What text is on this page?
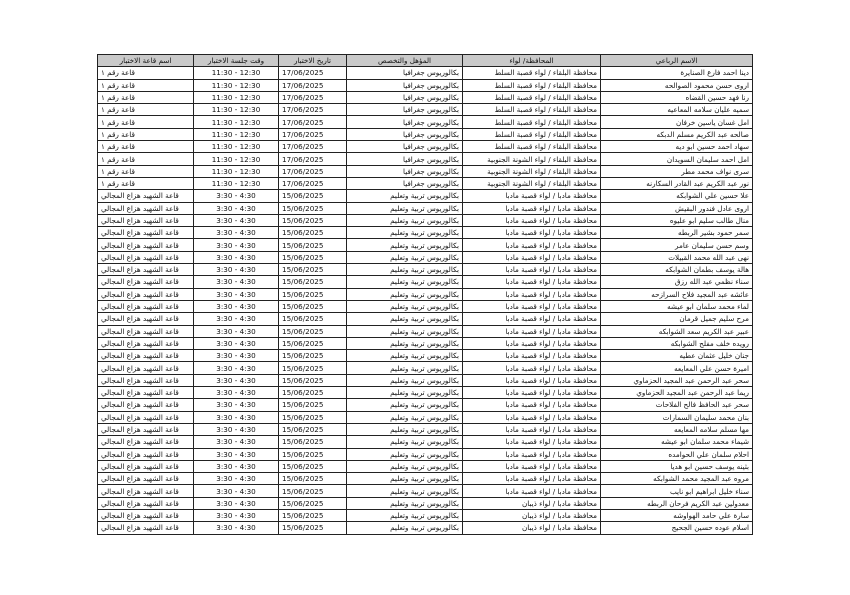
الاسم الرباعي	المحافظة/ لواء	المؤهل والتخصص	تاريخ الاختبار	وقت جلسة الاختبار	اسم قاعة الاختبار
دينا احمد فارع الصنايرة	محافظة البلقاء / لواء قصبة السلط	بكالوريوس جغرافيا	17/06/2025	11:30 - 12:30	قاعة رقم ١
اروى حسن محمود الصوالحه	محافظة البلقاء / لواء قصبة السلط	بكالوريوس جغرافيا	17/06/2025	11:30 - 12:30	قاعة رقم ١
رنا فهد حسين القضاه	محافظة البلقاء / لواء قصبة السلط	بكالوريوس جغرافيا	17/06/2025	11:30 - 12:30	قاعة رقم ١
سميه عليان سلامه المعاعيه	محافظة البلقاء / لواء قصبة السلط	بكالوريوس جغرافيا	17/06/2025	11:30 - 12:30	قاعة رقم ١
امل غسان ياسين خرفان	محافظة البلقاء / لواء قصبة السلط	بكالوريوس جغرافيا	17/06/2025	11:30 - 12:30	قاعة رقم ١
صالحه عبد الكريم مسلم الدبكه	محافظة البلقاء / لواء قصبة السلط	بكالوريوس جغرافيا	17/06/2025	11:30 - 12:30	قاعة رقم ١
سهاد احمد حسين ابو ديه	محافظة البلقاء / لواء قصبة السلط	بكالوريوس جغرافيا	17/06/2025	11:30 - 12:30	قاعة رقم ١
امل احمد سليمان السويدان	محافظة البلقاء / لواء الشونة الجنوبية	بكالوريوس جغرافيا	17/06/2025	11:30 - 12:30	قاعة رقم ١
سرى نواف محمد مطر	محافظة البلقاء / لواء الشونة الجنوبية	بكالوريوس جغرافيا	17/06/2025	11:30 - 12:30	قاعة رقم ١
نور عبد الكريم عبد القادر السكارنه	محافظة البلقاء / لواء الشونة الجنوبية	بكالوريوس جغرافيا	17/06/2025	11:30 - 12:30	قاعة رقم ١
علا حسين علي الشوابكه	محافظة مادبا / لواء قصبة مادبا	بكالوريوس تربية وتعليم	15/06/2025	3:30 - 4:30	قاعة الشهيد هزاع المجالي
اروى عادل فندور البقيش	محافظة مادبا / لواء قصبة مادبا	بكالوريوس تربية وتعليم	15/06/2025	3:30 - 4:30	قاعة الشهيد هزاع المجالي
منال طالب سليم ابو عليوه	محافظة مادبا / لواء قصبة مادبا	بكالوريوس تربية وتعليم	15/06/2025	3:30 - 4:30	قاعة الشهيد هزاع المجالي
سمر حمود بشير الربطه	محافظة مادبا / لواء قصبة مادبا	بكالوريوس تربية وتعليم	15/06/2025	3:30 - 4:30	قاعة الشهيد هزاع المجالي
وسم حسن سليمان عامر	محافظة مادبا / لواء قصبة مادبا	بكالوريوس تربية وتعليم	15/06/2025	3:30 - 4:30	قاعة الشهيد هزاع المجالي
نهى عبد الله محمد القبيلات	محافظة مادبا / لواء قصبة مادبا	بكالوريوس تربية وتعليم	15/06/2025	3:30 - 4:30	قاعة الشهيد هزاع المجالي
هالة يوسف بطمان الشوابكه	محافظة مادبا / لواء قصبة مادبا	بكالوريوس تربية وتعليم	15/06/2025	3:30 - 4:30	قاعة الشهيد هزاع المجالي
سناء نظمي عبد الله رزق	محافظة مادبا / لواء قصبة مادبا	بكالوريوس تربية وتعليم	15/06/2025	3:30 - 4:30	قاعة الشهيد هزاع المجالي
عائشه عبد المجيد فلاح السرازحه	محافظة مادبا / لواء قصبة مادبا	بكالوريوس تربية وتعليم	15/06/2025	3:30 - 4:30	قاعة الشهيد هزاع المجالي
لماء محمد سلمان ابو عيشه	محافظة مادبا / لواء قصبة مادبا	بكالوريوس تربية وتعليم	15/06/2025	3:30 - 4:30	قاعة الشهيد هزاع المجالي
مرح سليم جميل قرمان	محافظة مادبا / لواء قصبة مادبا	بكالوريوس تربية وتعليم	15/06/2025	3:30 - 4:30	قاعة الشهيد هزاع المجالي
عبير عبد الكريم سعد الشوابكه	محافظة مادبا / لواء قصبة مادبا	بكالوريوس تربية وتعليم	15/06/2025	3:30 - 4:30	قاعة الشهيد هزاع المجالي
رويده خلف مفلح الشوابكه	محافظة مادبا / لواء قصبة مادبا	بكالوريوس تربية وتعليم	15/06/2025	3:30 - 4:30	قاعة الشهيد هزاع المجالي
جنان خليل عثمان عطيه	محافظة مادبا / لواء قصبة مادبا	بكالوريوس تربية وتعليم	15/06/2025	3:30 - 4:30	قاعة الشهيد هزاع المجالي
اميرة حسن علي المعايعه	محافظة مادبا / لواء قصبة مادبا	بكالوريوس تربية وتعليم	15/06/2025	3:30 - 4:30	قاعة الشهيد هزاع المجالي
سحر عبد الرحمن عبد المجيد الحزماوي	محافظة مادبا / لواء قصبة مادبا	بكالوريوس تربية وتعليم	15/06/2025	3:30 - 4:30	قاعة الشهيد هزاع المجالي
ريما عبد الرحمن عبد المجيد الحزماوي	محافظة مادبا / لواء قصبة مادبا	بكالوريوس تربية وتعليم	15/06/2025	3:30 - 4:30	قاعة الشهيد هزاع المجالي
سحر عبد الحافظ فالح الفلاحات	محافظة مادبا / لواء قصبة مادبا	بكالوريوس تربية وتعليم	15/06/2025	3:30 - 4:30	قاعة الشهيد هزاع المجالي
بنان محمد سليمان السمارات	محافظة مادبا / لواء قصبة مادبا	بكالوريوس تربية وتعليم	15/06/2025	3:30 - 4:30	قاعة الشهيد هزاع المجالي
مها مسلم سلامه المعايعه	محافظة مادبا / لواء قصبة مادبا	بكالوريوس تربية وتعليم	15/06/2025	3:30 - 4:30	قاعة الشهيد هزاع المجالي
شيماء محمد سلمان ابو عيشه	محافظة مادبا / لواء قصبة مادبا	بكالوريوس تربية وتعليم	15/06/2025	3:30 - 4:30	قاعة الشهيد هزاع المجالي
احلام سلمان علي الحوامده	محافظة مادبا / لواء قصبة مادبا	بكالوريوس تربية وتعليم	15/06/2025	3:30 - 4:30	قاعة الشهيد هزاع المجالي
بثينه يوسف حسين ابو هديا	محافظة مادبا / لواء قصبة مادبا	بكالوريوس تربية وتعليم	15/06/2025	3:30 - 4:30	قاعة الشهيد هزاع المجالي
مروه عبد المجيد محمد الشوابكه	محافظة مادبا / لواء قصبة مادبا	بكالوريوس تربية وتعليم	15/06/2025	3:30 - 4:30	قاعة الشهيد هزاع المجالي
سناء خليل ابراهيم ابو نايب	محافظة مادبا / لواء قصبة مادبا	بكالوريوس تربية وتعليم	15/06/2025	3:30 - 4:30	قاعة الشهيد هزاع المجالي
معدولين عبد الكريم فرحان الربطه	محافظة مادبا / لواء ذيبان	بكالوريوس تربية وتعليم	15/06/2025	3:30 - 4:30	قاعة الشهيد هزاع المجالي
سارة علي حامد الهواوشه	محافظة مادبا / لواء ذيبان	بكالوريوس تربية وتعليم	15/06/2025	3:30 - 4:30	قاعة الشهيد هزاع المجالي
اسلام عوده حسين الجحيج	محافظة مادبا / لواء ذيبان	بكالوريوس تربية وتعليم	15/06/2025	3:30 - 4:30	قاعة الشهيد هزاع المجالي
